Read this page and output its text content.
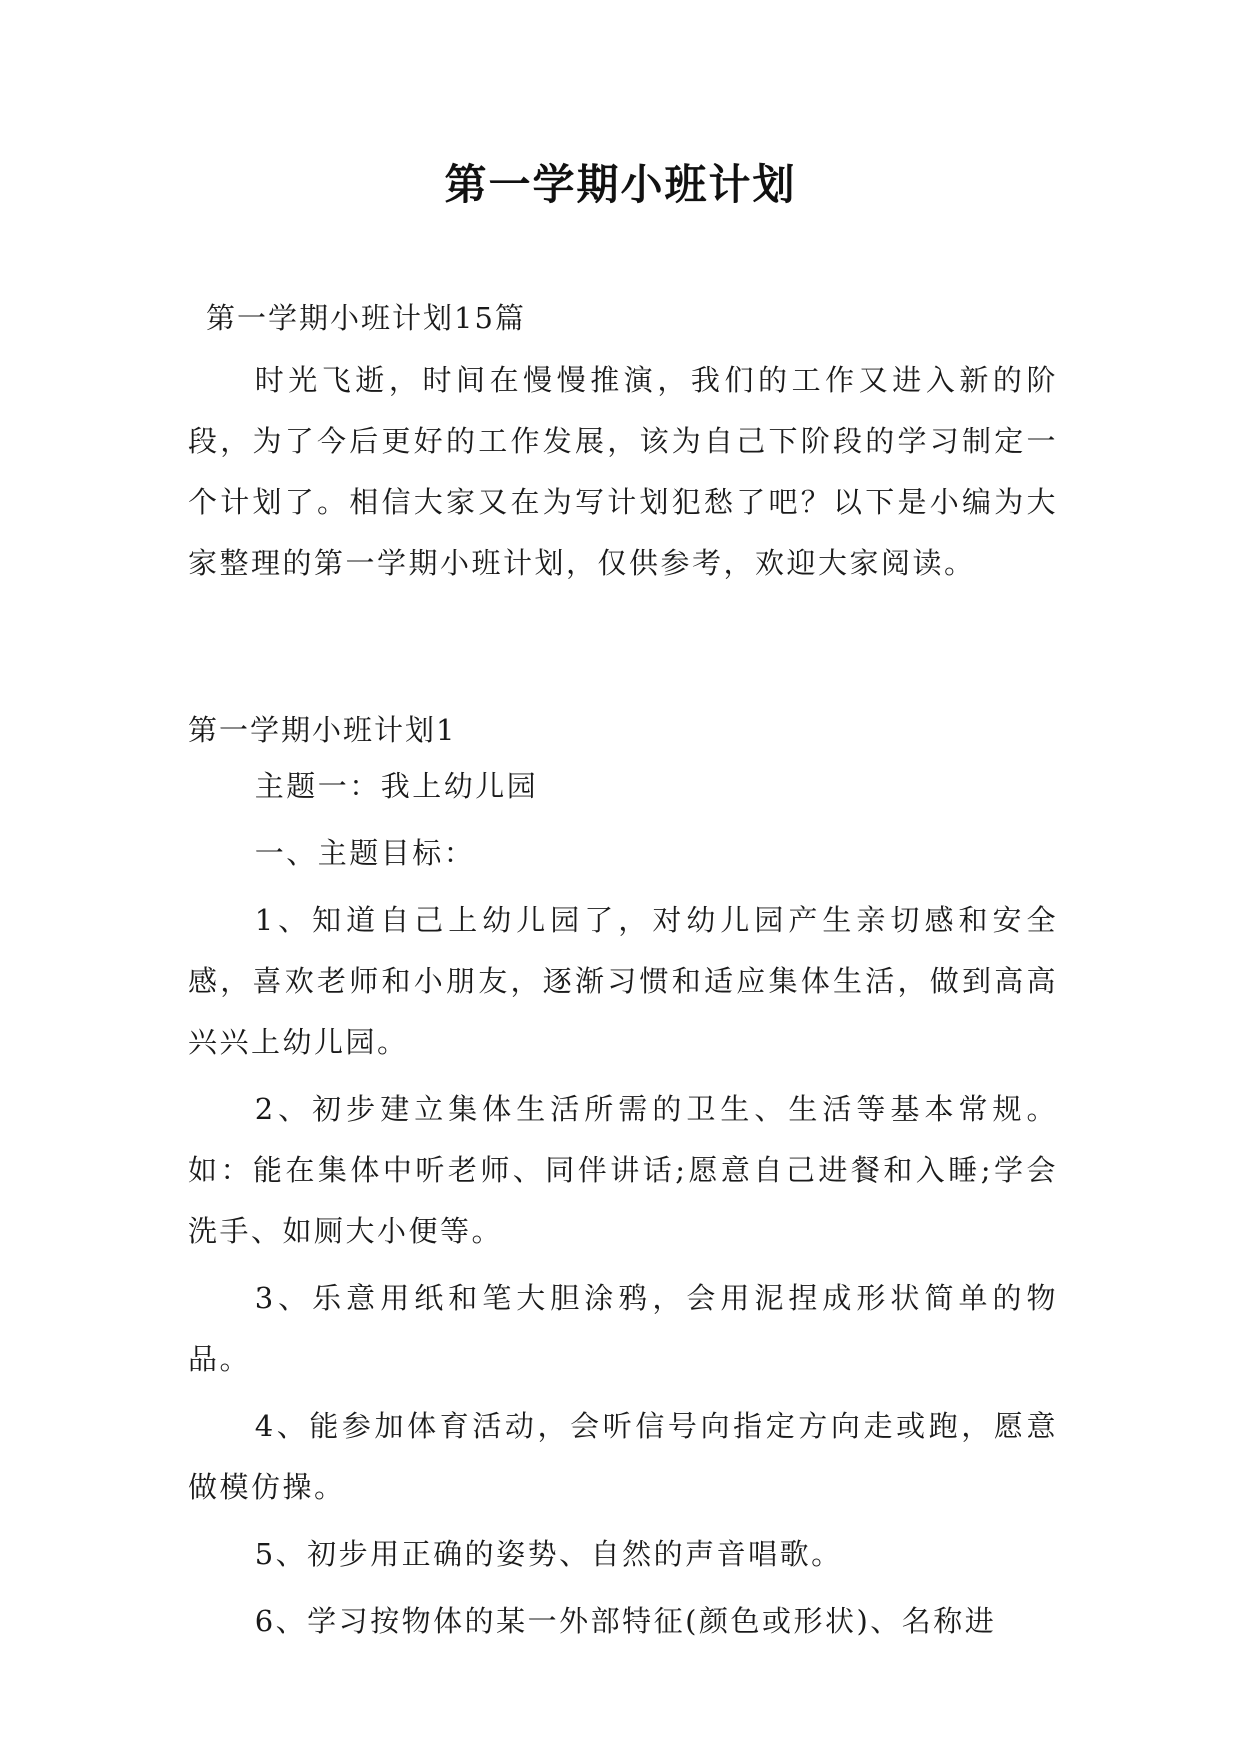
第一学期小班计划
第一学期小班计划15篇
时光飞逝，时间在慢慢推演，我们的工作又进入新的阶段，为了今后更好的工作发展，该为自己下阶段的学习制定一个计划了。相信大家又在为写计划犯愁了吧？以下是小编为大家整理的第一学期小班计划，仅供参考，欢迎大家阅读。
第一学期小班计划1

主题一：我上幼儿园

一、主题目标：

1、知道自己上幼儿园了，对幼儿园产生亲切感和安全感，喜欢老师和小朋友，逐渐习惯和适应集体生活，做到高高兴兴上幼儿园。

2、初步建立集体生活所需的卫生、生活等基本常规。如：能在集体中听老师、同伴讲话;愿意自己进餐和入睡;学会洗手、如厕大小便等。

3、乐意用纸和笔大胆涂鸦，会用泥捏成形状简单的物品。

4、能参加体育活动，会听信号向指定方向走或跑，愿意做模仿操。

5、初步用正确的姿势、自然的声音唱歌。

6、学习按物体的某一外部特征(颜色或形状)、名称进
